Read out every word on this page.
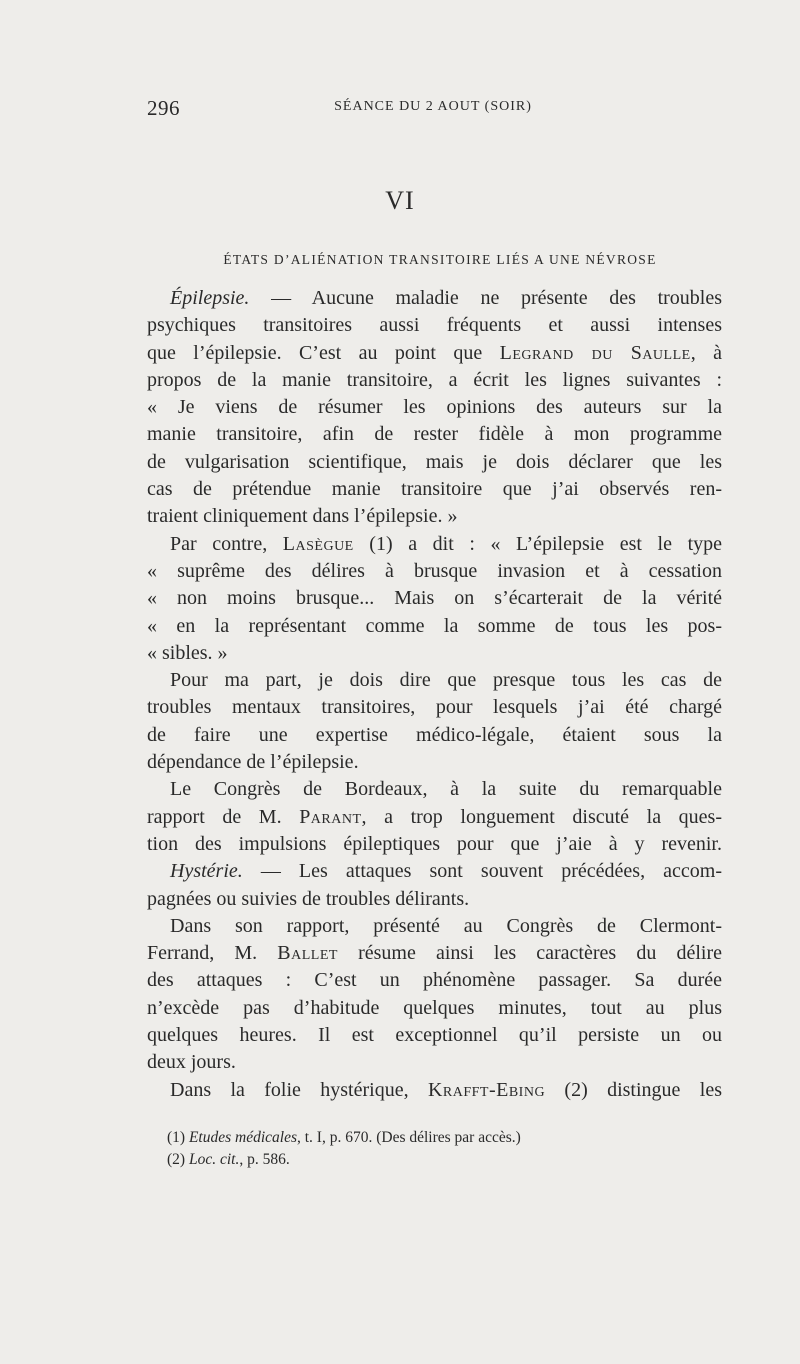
296	SÉANCE DU 2 AOUT (SOIR)
VI
ÉTATS D’ALIÉNATION TRANSITOIRE LIÉS A UNE NÉVROSE
Épilepsie. — Aucune maladie ne présente des troubles
psychiques transitoires aussi fréquents et aussi intenses
que l’épilepsie. C’est au point que Legrand du Saulle, à
propos de la manie transitoire, a écrit les lignes suivantes :
« Je viens de résumer les opinions des auteurs sur la
manie transitoire, afin de rester fidèle à mon programme
de vulgarisation scientifique, mais je dois déclarer que les
cas de prétendue manie transitoire que j’ai observés ren-
traient cliniquement dans l’épilepsie. »
Par contre, Lasègue (1) a dit : « L’épilepsie est le type
« suprême des délires à brusque invasion et à cessation
« non moins brusque... Mais on s’écarterait de la vérité
« en la représentant comme la somme de tous les pos-
« sibles. »
Pour ma part, je dois dire que presque tous les cas de
troubles mentaux transitoires, pour lesquels j’ai été chargé
de faire une expertise médico-légale, étaient sous la
dépendance de l’épilepsie.
Le Congrès de Bordeaux, à la suite du remarquable
rapport de M. Parant, a trop longuement discuté la ques-
tion des impulsions épileptiques pour que j’aie à y revenir.
Hystérie. — Les attaques sont souvent précédées, accom-
pagnées ou suivies de troubles délirants.
Dans son rapport, présenté au Congrès de Clermont-
Ferrand, M. Ballet résume ainsi les caractères du délire
des attaques : C’est un phénomène passager. Sa durée
n’excède pas d’habitude quelques minutes, tout au plus
quelques heures. Il est exceptionnel qu’il persiste un ou
deux jours.
Dans la folie hystérique, Krafft-Ebing (2) distingue les
(1) Etudes médicales, t. I, p. 670. (Des délires par accès.)
(2) Loc. cit., p. 586.
